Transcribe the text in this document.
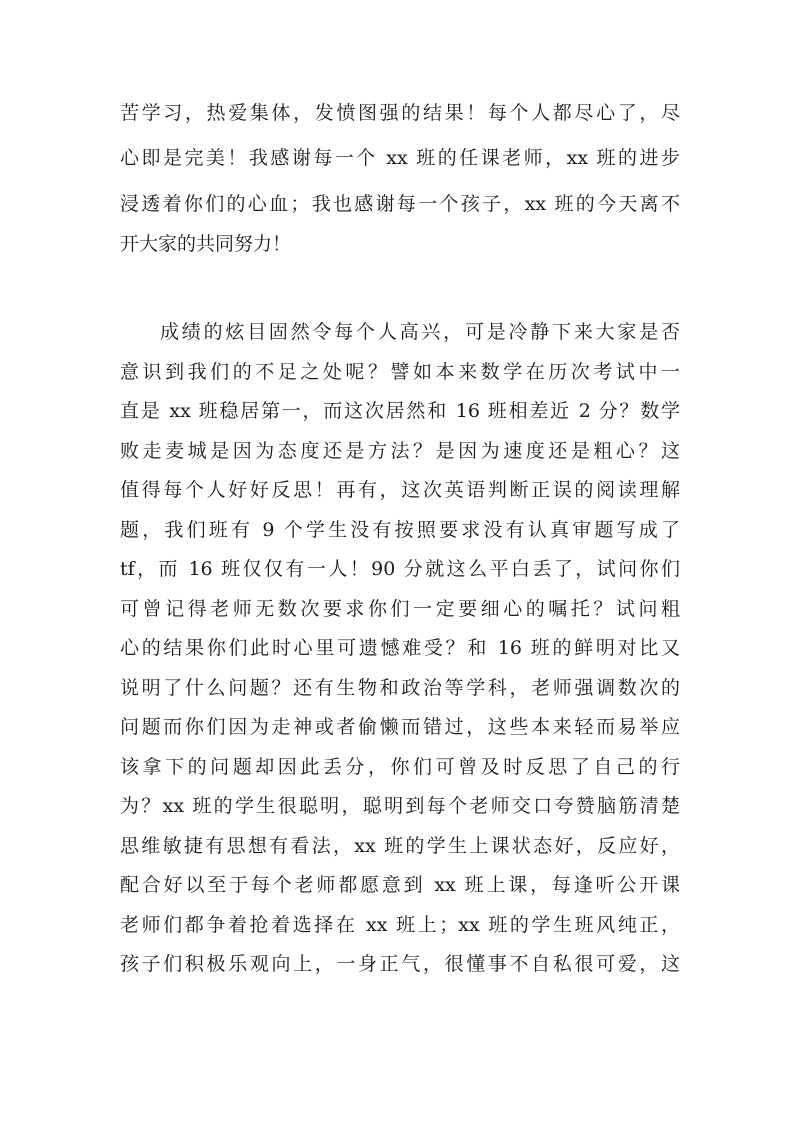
苦学习，热爱集体，发愤图强的结果！每个人都尽心了，尽
心即是完美！我感谢每一个 xx 班的任课老师，xx 班的进步
浸透着你们的心血；我也感谢每一个孩子，xx 班的今天离不
开大家的共同努力！
成绩的炫目固然令每个人高兴，可是冷静下来大家是否
意识到我们的不足之处呢？譬如本来数学在历次考试中一
直是 xx 班稳居第一，而这次居然和 16 班相差近 2 分？数学
败走麦城是因为态度还是方法？是因为速度还是粗心？这
值得每个人好好反思！再有，这次英语判断正误的阅读理解
题，我们班有 9 个学生没有按照要求没有认真审题写成了
tf，而 16 班仅仅有一人！90 分就这么平白丢了，试问你们
可曾记得老师无数次要求你们一定要细心的嘱托？试问粗
心的结果你们此时心里可遗憾难受？和 16 班的鲜明对比又
说明了什么问题？还有生物和政治等学科，老师强调数次的
问题而你们因为走神或者偷懒而错过，这些本来轻而易举应
该拿下的问题却因此丢分，你们可曾及时反思了自己的行
为？xx 班的学生很聪明，聪明到每个老师交口夸赞脑筋清楚
思维敏捷有思想有看法，xx 班的学生上课状态好，反应好，
配合好以至于每个老师都愿意到 xx 班上课，每逢听公开课
老师们都争着抢着选择在 xx 班上；xx 班的学生班风纯正，
孩子们积极乐观向上，一身正气，很懂事不自私很可爱，这
